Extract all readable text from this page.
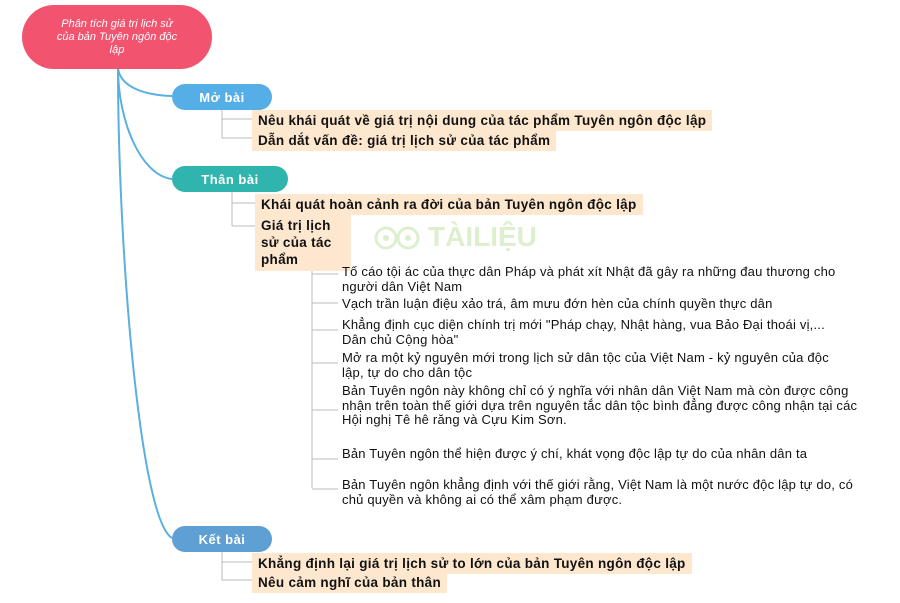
Phân tích giá trị lịch sử của bản Tuyên ngôn độc lập
Mở bài
Nêu khái quát về giá trị nội dung của tác phẩm Tuyên ngôn độc lập
Dẫn dắt vấn đề: giá trị lịch sử của tác phẩm
Thân bài
Khái quát hoàn cảnh ra đời của bản Tuyên ngôn độc lập
Giá trị lịch sử của tác phẩm
TÀILIỆU
Tố cáo tội ác của thực dân Pháp và phát xít Nhật đã gây ra những đau thương cho người dân Việt Nam
Vạch trần luận điệu xảo trá, âm mưu đớn hèn của chính quyền thực dân
Khẳng định cục diện chính trị mới "Pháp chạy, Nhật hàng, vua Bảo Đại thoái vị,... Dân chủ Cộng hòa"
Mở ra một kỷ nguyên mới trong lịch sử dân tộc của Việt Nam - kỷ nguyên của độc lập, tự do cho dân tộc
Bản Tuyên ngôn này không chỉ có ý nghĩa với nhân dân Việt Nam mà còn được công nhận trên toàn thế giới dựa trên nguyên tắc dân tộc bình đẳng được công nhận tại các Hội nghị Tê hê răng và Cựu Kim Sơn.
Bản Tuyên ngôn thể hiện được ý chí, khát vọng độc lập tự do của nhân dân ta
Bản Tuyên ngôn khẳng định với thế giới rằng, Việt Nam là một nước độc lập tự do, có chủ quyền và không ai có thể xâm phạm được.
Kết bài
Khẳng định lại giá trị lịch sử to lớn của bản Tuyên ngôn độc lập
Nêu cảm nghĩ của bản thân
